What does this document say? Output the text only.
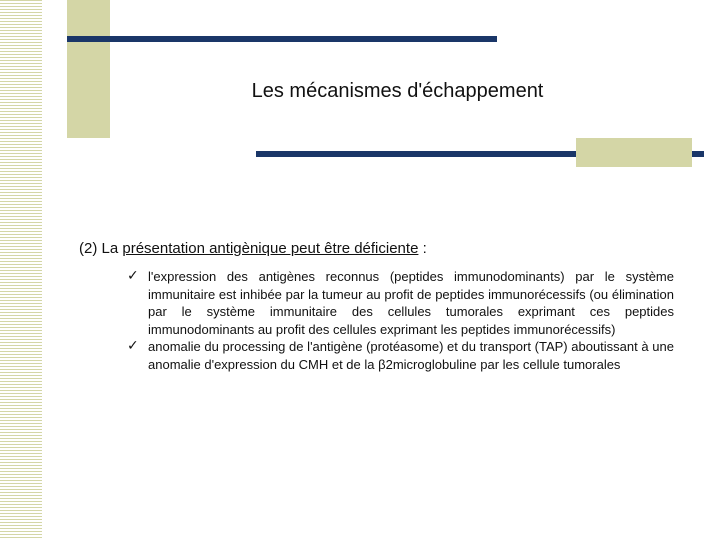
Les mécanismes d'échappement
(2) La présentation antigènique peut être déficiente :
✓ l'expression des antigènes reconnus (peptides immunodominants) par le système immunitaire est inhibée par la tumeur au profit de peptides immunorécessifs (ou élimination par le système immunitaire des cellules tumorales exprimant ces peptides immunodominants au profit des cellules exprimant les peptides immunorécessifs)
✓ anomalie du processing de l'antigène (protéasome) et du transport (TAP) aboutissant à une anomalie d'expression du CMH et de la β2microglobuline par les cellule tumorales
